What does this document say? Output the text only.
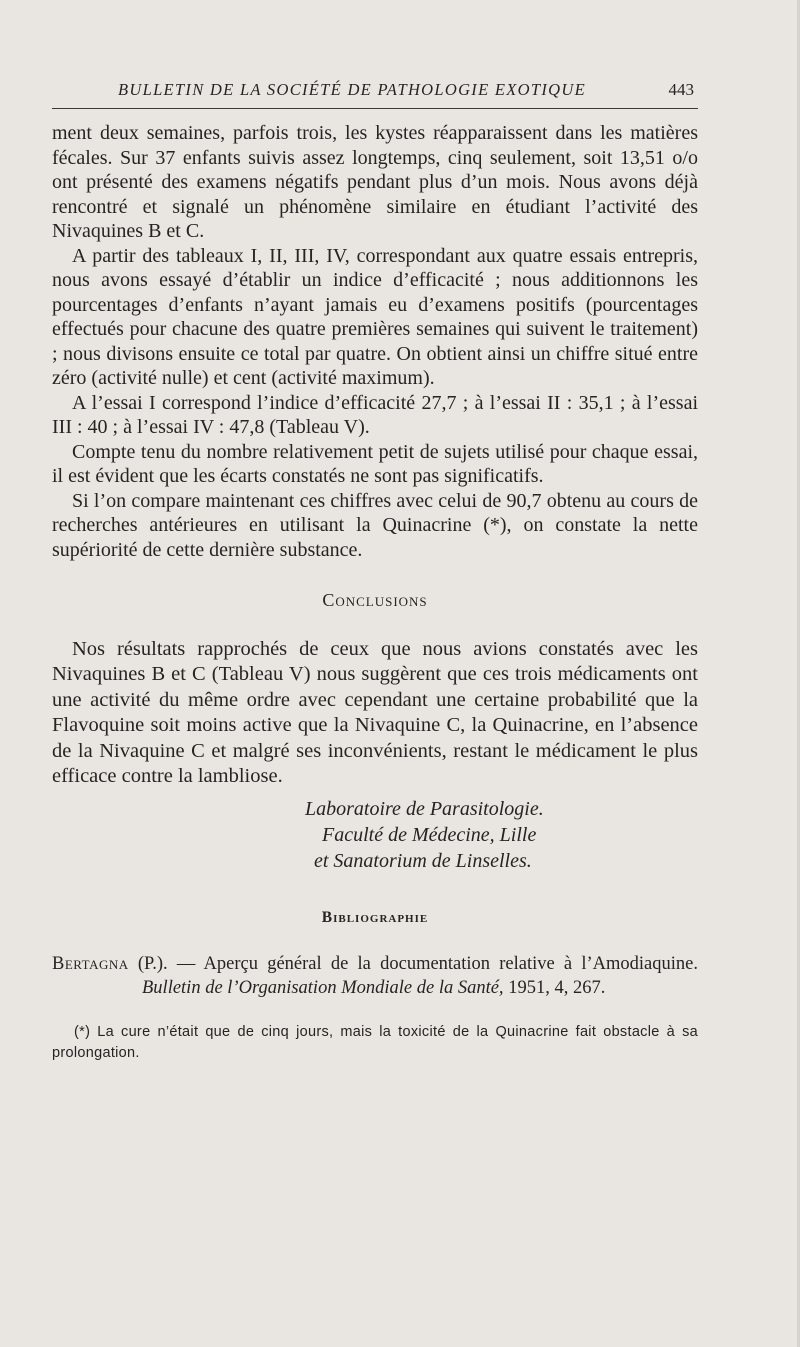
BULLETIN DE LA SOCIÉTÉ DE PATHOLOGIE EXOTIQUE	443

ment deux semaines, parfois trois, les kystes réapparaissent dans les matières fécales. Sur 37 enfants suivis assez longtemps, cinq seulement, soit 13,51 o/o ont présenté des examens négatifs pendant plus d’un mois. Nous avons déjà rencontré et signalé un phénomène similaire en étudiant l’activité des Nivaquines B et C.

A partir des tableaux I, II, III, IV, correspondant aux quatre essais entrepris, nous avons essayé d’établir un indice d’efficacité ; nous additionnons les pourcentages d’enfants n’ayant jamais eu d’examens positifs (pourcentages effectués pour chacune des quatre premières semaines qui suivent le traitement) ; nous divisons ensuite ce total par quatre. On obtient ainsi un chiffre situé entre zéro (activité nulle) et cent (activité maximum).

A l’essai I correspond l’indice d’efficacité 27,7 ; à l’essai II : 35,1 ; à l’essai III : 40 ; à l’essai IV : 47,8 (Tableau V).

Compte tenu du nombre relativement petit de sujets utilisé pour chaque essai, il est évident que les écarts constatés ne sont pas significatifs.

Si l’on compare maintenant ces chiffres avec celui de 90,7 obtenu au cours de recherches antérieures en utilisant la Quinacrine (*), on constate la nette supériorité de cette dernière substance.

Conclusions

Nos résultats rapprochés de ceux que nous avions constatés avec les Nivaquines B et C (Tableau V) nous suggèrent que ces trois médicaments ont une activité du même ordre avec cependant une certaine probabilité que la Flavoquine soit moins active que la Nivaquine C, la Quinacrine, en l’absence de la Nivaquine C et malgré ses inconvénients, restant le médicament le plus efficace contre la lambliose.

Laboratoire de Parasitologie.
Faculté de Médecine, Lille
et Sanatorium de Linselles.
Bibliographie

Bertagna (P.). — Aperçu général de la documentation relative à l’Amodiaquine. Bulletin de l’Organisation Mondiale de la Santé, 1951, 4, 267.

(*) La cure n’était que de cinq jours, mais la toxicité de la Quinacrine fait obstacle à sa prolongation.
